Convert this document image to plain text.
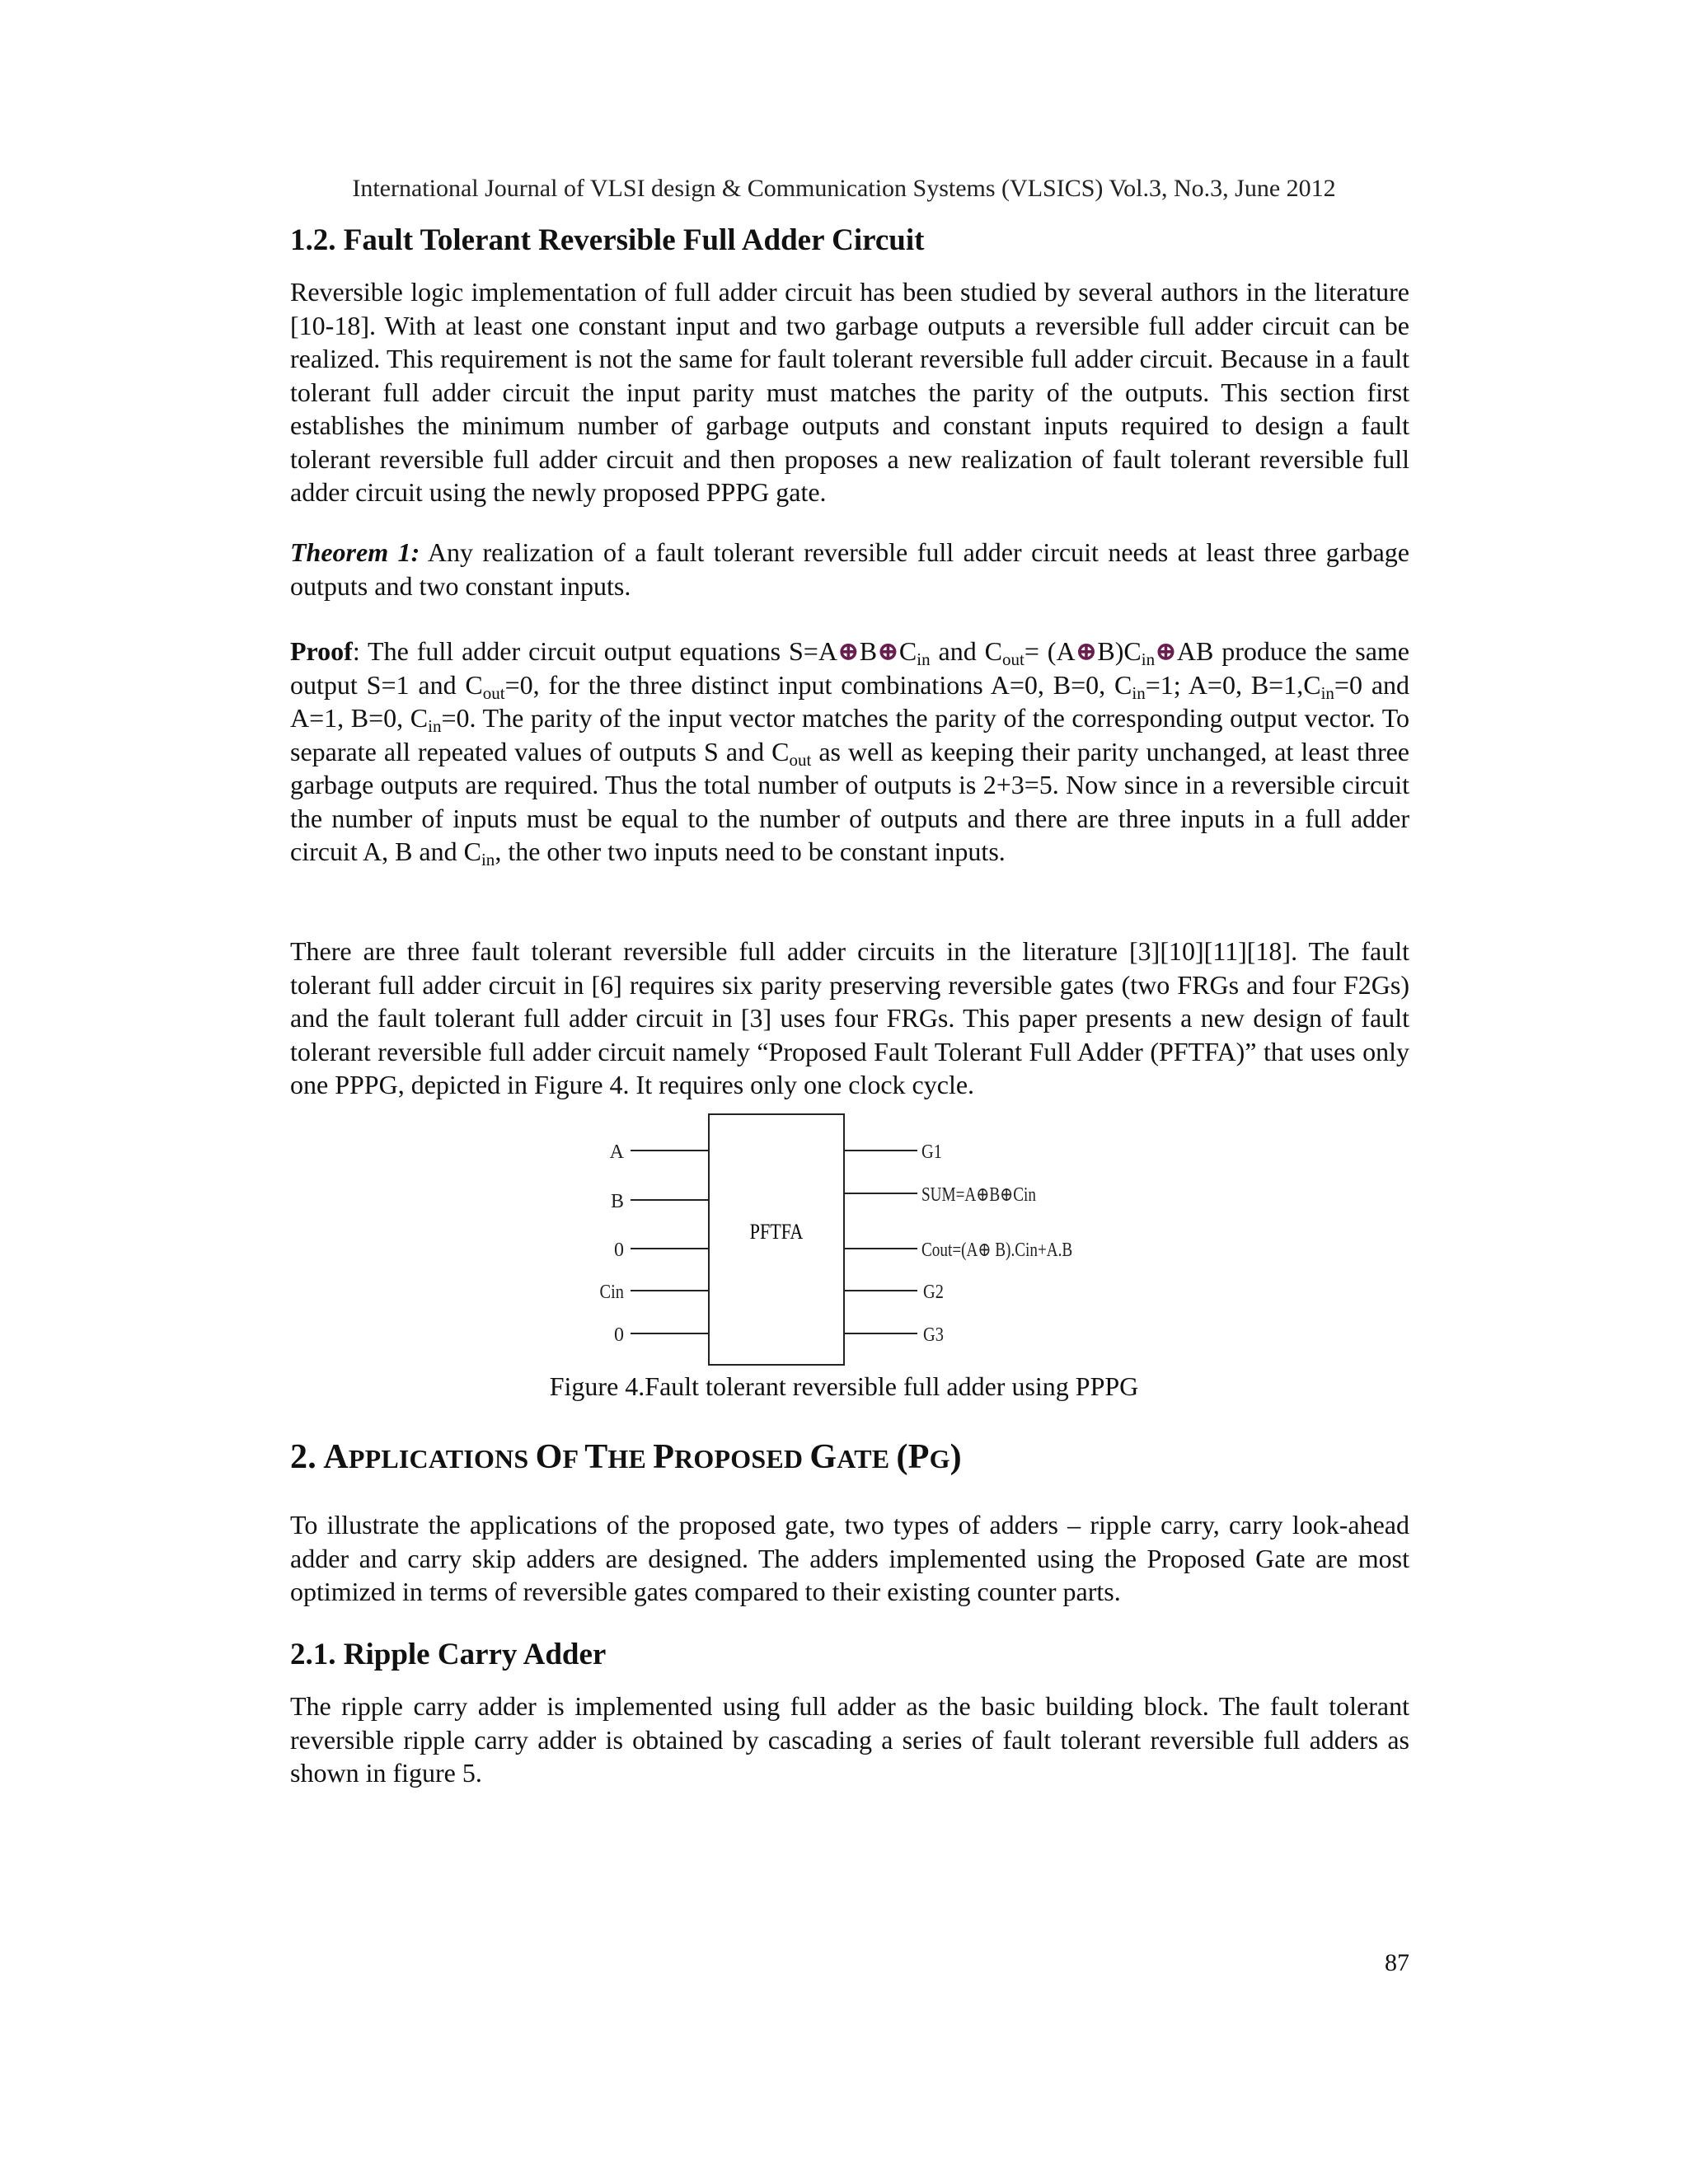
International Journal of VLSI design & Communication Systems (VLSICS) Vol.3, No.3, June 2012
1.2. Fault Tolerant Reversible Full Adder Circuit

Reversible logic implementation of full adder circuit has been studied by several authors in the literature [10-18]. With at least one constant input and two garbage outputs a reversible full adder circuit can be realized. This requirement is not the same for fault tolerant reversible full adder circuit. Because in a fault tolerant full adder circuit the input parity must matches the parity of the outputs. This section first establishes the minimum number of garbage outputs and constant inputs required to design a fault tolerant reversible full adder circuit and then proposes a new realization of fault tolerant reversible full adder circuit using the newly proposed PPPG gate.

Theorem 1: Any realization of a fault tolerant reversible full adder circuit needs at least three garbage outputs and two constant inputs.

Proof: The full adder circuit output equations $S=A\oplus B\oplus C_{in}$ and $C_{out}=$ $(A\oplus B)C_{in}\oplus AB$ produce the same output S=1 and $C_{out}=0$, for the three distinct input combinations A=0, B=0, $C_{in}=1$; A=0, $B=1,C_{in}=0$ and A=1, B=0, $C_{in}=0$. The parity of the input vector matches the parity of the corresponding output vector. To separate all repeated values of outputs S and $C_{out}$ as well as keeping their parity unchanged, at least three garbage outputs are required. Thus the total number of outputs is 2+3=5. Now since in a reversible circuit the number of inputs must be equal to the number of outputs and there are three inputs in a full adder circuit A, B and $C_{in}$, the other two inputs need to be constant inputs.

There are three fault tolerant reversible full adder circuits in the literature [3][10][11][18]. The fault tolerant full adder circuit in [6] requires six parity preserving reversible gates (two FRGs and four F2Gs) and the fault tolerant full adder circuit in [3] uses four FRGs. This paper presents a new design of fault tolerant reversible full adder circuit namely “Proposed Fault Tolerant Full Adder (PFTFA)” that uses only one PPPG, depicted in Figure 4. It requires only one clock cycle.

PFTFA
A
B
0
Cin
0
G1
SUM=A⊕B⊕Cin
Cout=(A⊕ B).Cin+A.B
G2
G3
Figure 4.Fault tolerant reversible full adder using PPPG
2. APPLICATIONS OF THE PROPOSED GATE (PG)

To illustrate the applications of the proposed gate, two types of adders – ripple carry, carry look-ahead adder and carry skip adders are designed. The adders implemented using the Proposed Gate are most optimized in terms of reversible gates compared to their existing counter parts.

2.1. Ripple Carry Adder

The ripple carry adder is implemented using full adder as the basic building block. The fault tolerant reversible ripple carry adder is obtained by cascading a series of fault tolerant reversible full adders as shown in figure 5.

87
